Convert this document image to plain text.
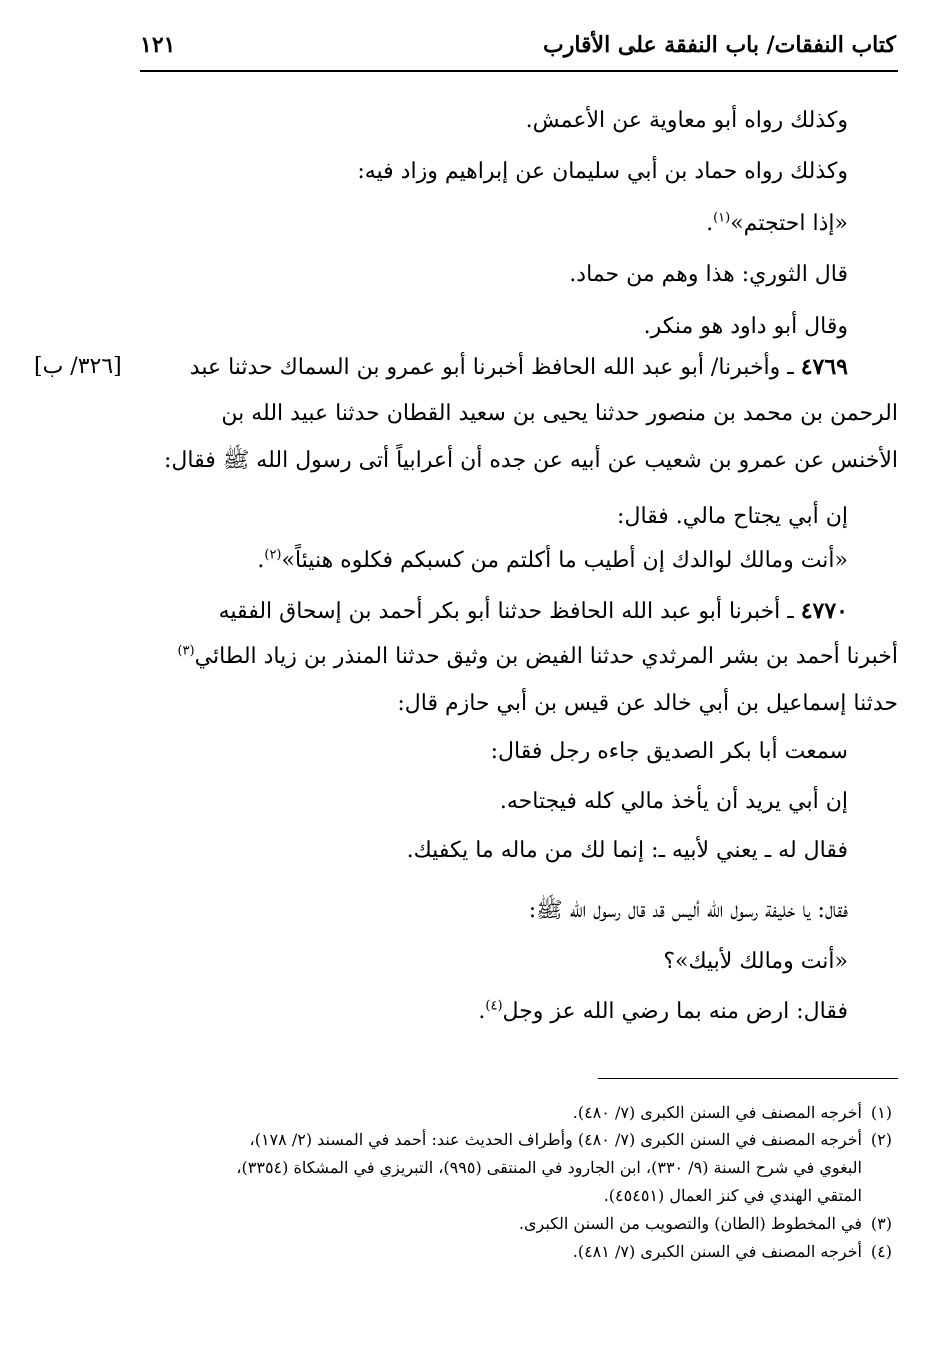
كتاب النفقات/ باب النفقة على الأقارب
١٢١
وكذلك رواه أبو معاوية عن الأعمش.
وكذلك رواه حماد بن أبي سليمان عن إبراهيم وزاد فيه:
«إذا احتجتم»$^{(١)}$.
قال الثوري: هذا وهم من حماد.
وقال أبو داود هو منكر.
٤٧٦٩ ـ وأخبرنا/ أبو عبد الله الحافظ أخبرنا أبو عمرو بن السماك حدثنا عبد
[٣٢٦/ ب]
الرحمن بن محمد بن منصور حدثنا يحيى بن سعيد القطان حدثنا عبيد الله بن
الأخنس عن عمرو بن شعيب عن أبيه عن جده أن أعرابياً أتى رسول الله ﷺ فقال:
إن أبي يجتاح مالي. فقال:
«أنت ومالك لوالدك إن أطيب ما أكلتم من كسبكم فكلوه هنيئاً»$^{(٢)}$.
٤٧٧٠ ـ أخبرنا أبو عبد الله الحافظ حدثنا أبو بكر أحمد بن إسحاق الفقيه
أخبرنا أحمد بن بشر المرثدي حدثنا الفيض بن وثيق حدثنا المنذر بن زياد الطائي$^{(٣)}$
حدثنا إسماعيل بن أبي خالد عن قيس بن أبي حازم قال:
سمعت أبا بكر الصديق جاءه رجل فقال:
إن أبي يريد أن يأخذ مالي كله فيجتاحه.
فقال له ـ يعني لأبيه ـ: إنما لك من ماله ما يكفيك.
فقال: يا خليفة رسول الله أليس قد قال رسول الله ﷺ:
«أنت ومالك لأبيك»؟
فقال: ارض منه بما رضي الله عز وجل$^{(٤)}$.
(١)أخرجه المصنف في السنن الكبرى (٧/ ٤٨٠).
(٢)أخرجه المصنف في السنن الكبرى (٧/ ٤٨٠) وأطراف الحديث عند: أحمد في المسند (٢/ ١٧٨)،
البغوي في شرح السنة (٩/ ٣٣٠)، ابن الجارود في المنتقى (٩٩٥)، التبريزي في المشكاة (٣٣٥٤)،
المتقي الهندي في كنز العمال (٤٥٤٥١).
(٣)في المخطوط (الطان) والتصويب من السنن الكبرى.
(٤)أخرجه المصنف في السنن الكبرى (٧/ ٤٨١).
